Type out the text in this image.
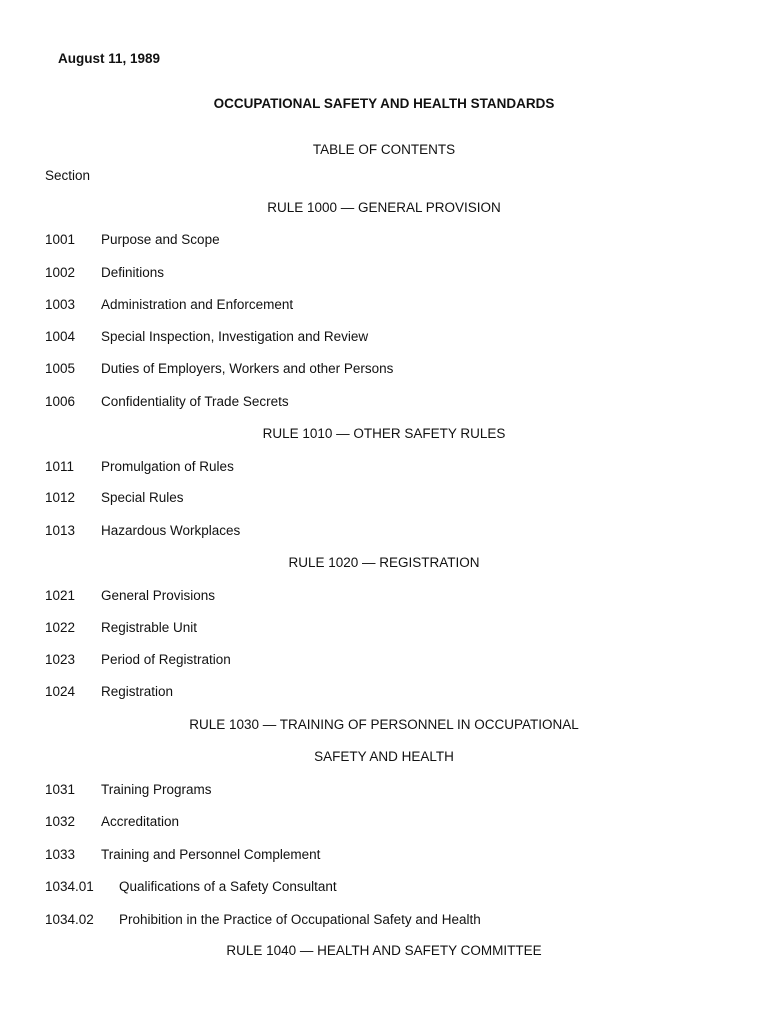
August 11, 1989
OCCUPATIONAL SAFETY AND HEALTH STANDARDS
TABLE OF CONTENTS
Section
RULE 1000 — GENERAL PROVISION
1001 Purpose and Scope
1002 Definitions
1003 Administration and Enforcement
1004 Special Inspection, Investigation and Review
1005 Duties of Employers, Workers and other Persons
1006 Confidentiality of Trade Secrets
RULE 1010 — OTHER SAFETY RULES
1011 Promulgation of Rules
1012 Special Rules
1013 Hazardous Workplaces
RULE 1020 — REGISTRATION
1021 General Provisions
1022 Registrable Unit
1023 Period of Registration
1024 Registration
RULE 1030 — TRAINING OF PERSONNEL IN OCCUPATIONAL
SAFETY AND HEALTH
1031 Training Programs
1032 Accreditation
1033 Training and Personnel Complement
1034.01 Qualifications of a Safety Consultant
1034.02 Prohibition in the Practice of Occupational Safety and Health
RULE 1040 — HEALTH AND SAFETY COMMITTEE
